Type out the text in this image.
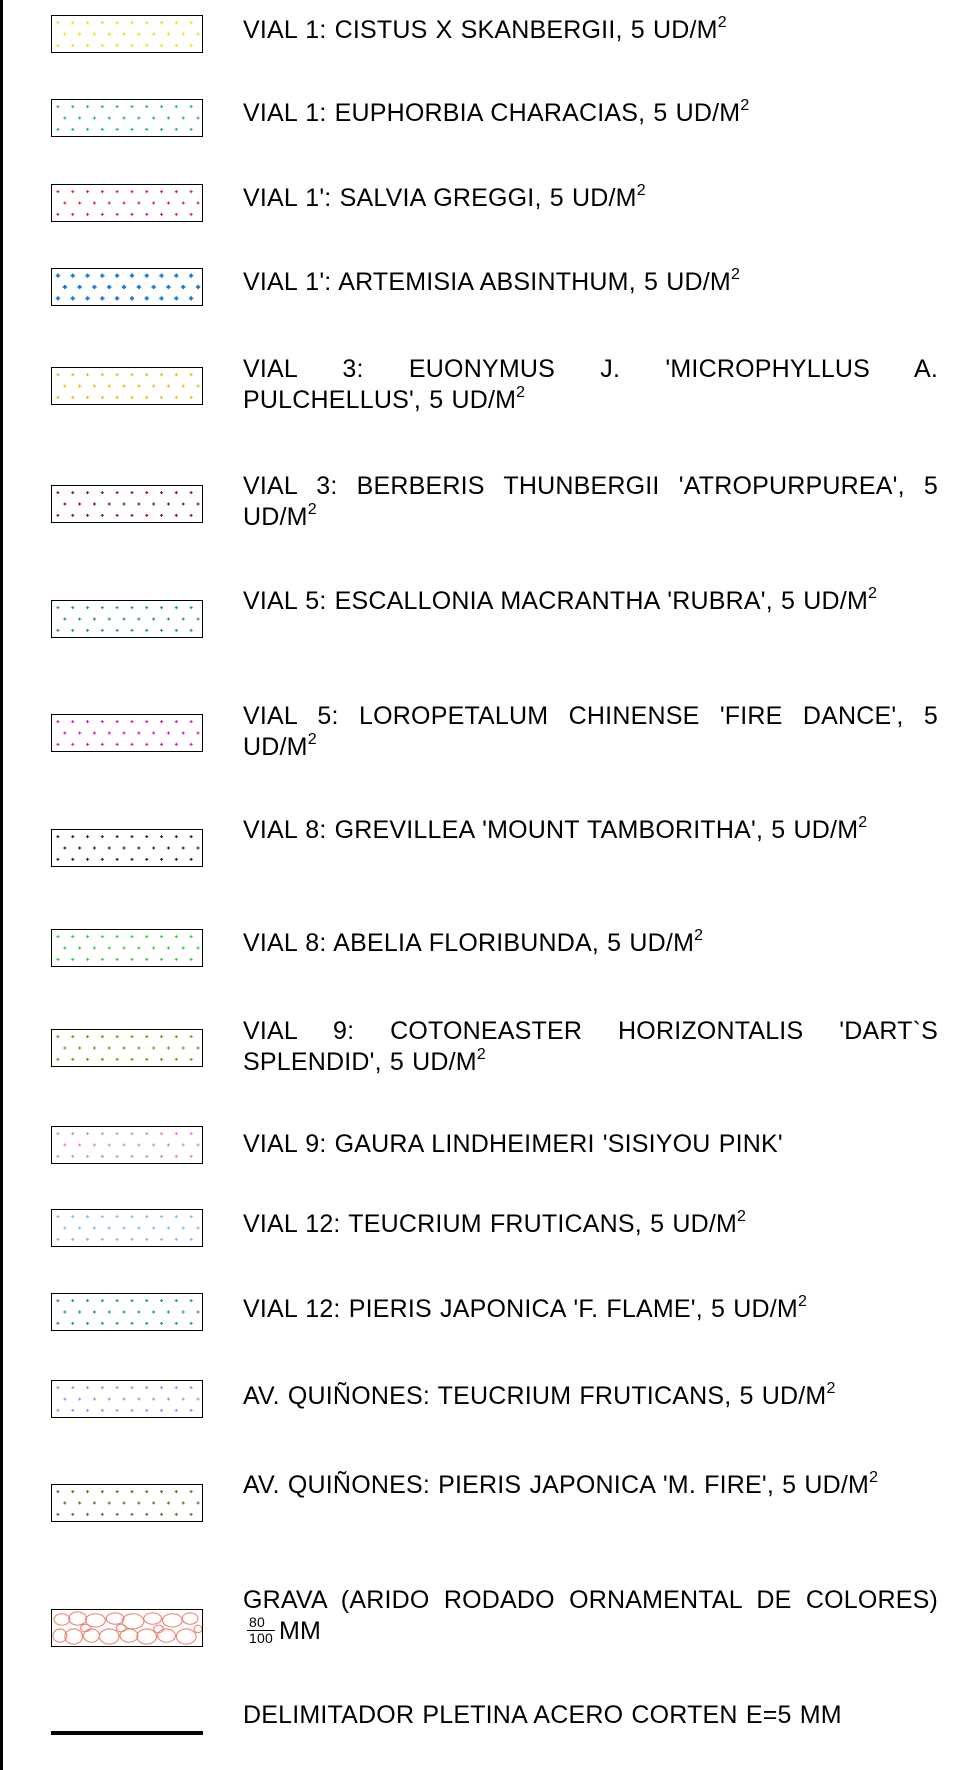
VIAL 1: CISTUS X SKANBERGII, 5 $UD/M^2$
VIAL 1: EUPHORBIA CHARACIAS, 5 $UD/M^2$
VIAL 1': SALVIA GREGGI, 5 $UD/M^2$
VIAL 1': ARTEMISIA ABSINTHUM, 5 $UD/M^2$
VIAL 3: EUONYMUS J. 'MICROPHYLLUS A. PULCHELLUS', 5 $UD/M^2$
VIAL 3: BERBERIS THUNBERGII 'ATROPURPUREA', 5 $UD/M^2$
VIAL 5: ESCALLONIA MACRANTHA 'RUBRA', 5 $UD/M^2$
VIAL 5: LOROPETALUM CHINENSE 'FIRE DANCE', 5 $UD/M^2$
VIAL 8: GREVILLEA 'MOUNT TAMBORITHA', 5 $UD/M^2$
VIAL 8: ABELIA FLORIBUNDA, 5 $UD/M^2$
VIAL 9: COTONEASTER HORIZONTALIS 'DART`S SPLENDID', 5 $UD/M^2$
VIAL 9: GAURA LINDHEIMERI 'SISIYOU PINK'
VIAL 12: TEUCRIUM FRUTICANS, 5 $UD/M^2$
VIAL 12: PIERIS JAPONICA 'F. FLAME', 5 $UD/M^2$
AV. QUIÑONES: TEUCRIUM FRUTICANS, 5 $UD/M^2$
AV. QUIÑONES: PIERIS JAPONICA 'M. FIRE', 5 $UD/M^2$
GRAVA (ARIDO RODADO ORNAMENTAL DE COLORES)
$\frac{80}{100}$ MM
DELIMITADOR PLETINA ACERO CORTEN E=5 MM
